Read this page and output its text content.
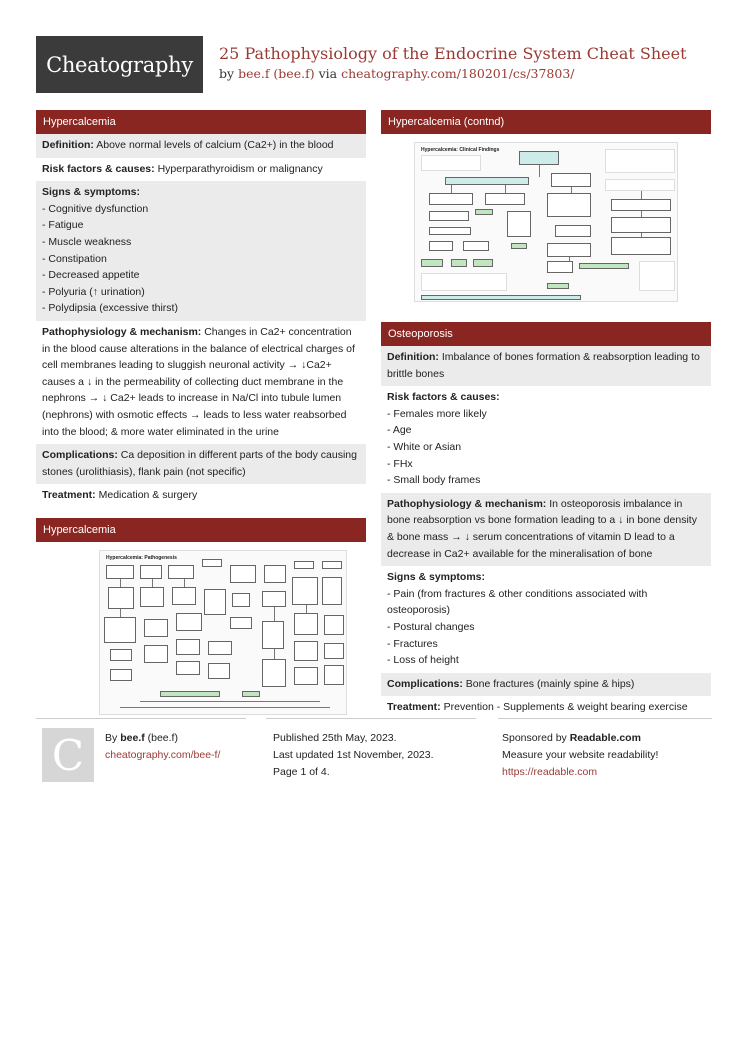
Cheatography 25 Pathophysiology of the Endocrine System Cheat Sheet
by bee.f (bee.f) via cheatography.com/180201/cs/37803/
Hypercalcemia
Definition: Above normal levels of calcium (Ca2+) in the blood
Risk factors & causes: Hyperparathyroidism or malignancy
Signs & symptoms:
- Cognitive dysfunction
- Fatigue
- Muscle weakness
- Constipation
- Decreased appetite
- Polyuria (↑ urination)
- Polydipsia (excessive thirst)
Pathophysiology & mechanism: Changes in Ca2+ concentration in the blood cause alterations in the balance of electrical charges of cell membranes leading to sluggish neuronal activity → ↓Ca2+ causes a ↓ in the permeability of collecting duct membrane in the nephrons → ↓ Ca2+ leads to increase in Na/Cl into tubule lumen (nephrons) with osmotic effects → leads to less water reabsorbed into the blood; & more water eliminated in the urine
Complications: Ca deposition in different parts of the body causing stones (urolithiasis), flank pain (not specific)
Treatment: Medication & surgery
Hypercalcemia
Hypercalcemia: Pathogenesis
Hypercalcemia (contnd)
Hypercalcemia: Clinical Findings
Osteoporosis
Definition: Imbalance of bones formation & reabsorption leading to brittle bones
Risk factors & causes:
- Females more likely
- Age
- White or Asian
- FHx
- Small body frames
Pathophysiology & mechanism: In osteoporosis imbalance in bone reabsorption vs bone formation leading to a ↓ in bone density & bone mass → ↓ serum concentrations of vitamin D lead to a decrease in Ca2+ available for the mineralisation of bone
Signs & symptoms:
- Pain (from fractures & other conditions associated with osteoporosis)
- Postural changes
- Fractures
- Loss of height
Complications: Bone fractures (mainly spine & hips)
Treatment: Prevention - Supplements & weight bearing exercise
C By bee.f (bee.f)
cheatography.com/bee-f/
Published 25th May, 2023.
Last updated 1st November, 2023.
Page 1 of 4.
Sponsored by Readable.com
Measure your website readability!
https://readable.com
